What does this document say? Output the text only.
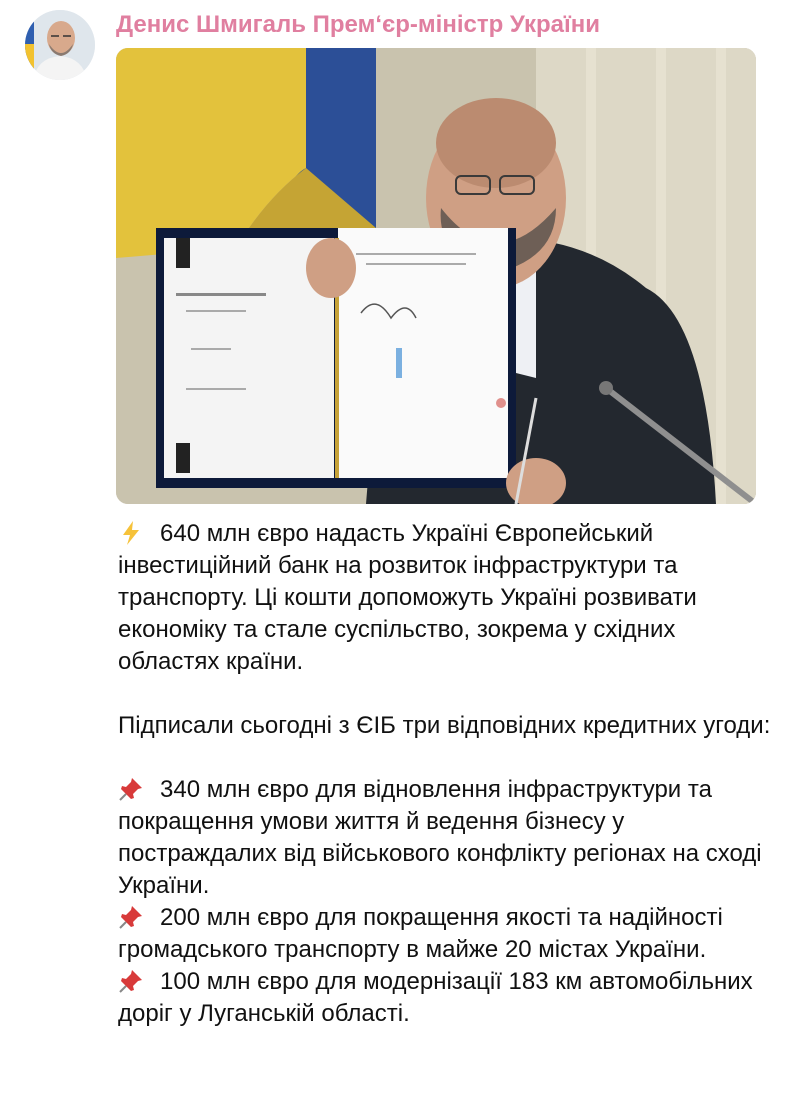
Денис Шмигаль Прем‘єр-міністр України

640 млн євро надасть Україні Європейський інвестиційний банк на розвиток інфраструктури та транспорту. Ці кошти допоможуть Україні розвивати економіку та стале суспільство, зокрема у східних областях країни.

Підписали сьогодні з ЄІБ три відповідних кредитних угоди:

340 млн євро для відновлення інфраструктури та покращення умови життя й ведення бізнесу у постраждалих від військового конфлікту регіонах на сході України.

200 млн євро для покращення якості та надійності громадського транспорту в майже 20 містах України.

100 млн євро для модернізації 183 км автомобільних доріг у Луганській області.
